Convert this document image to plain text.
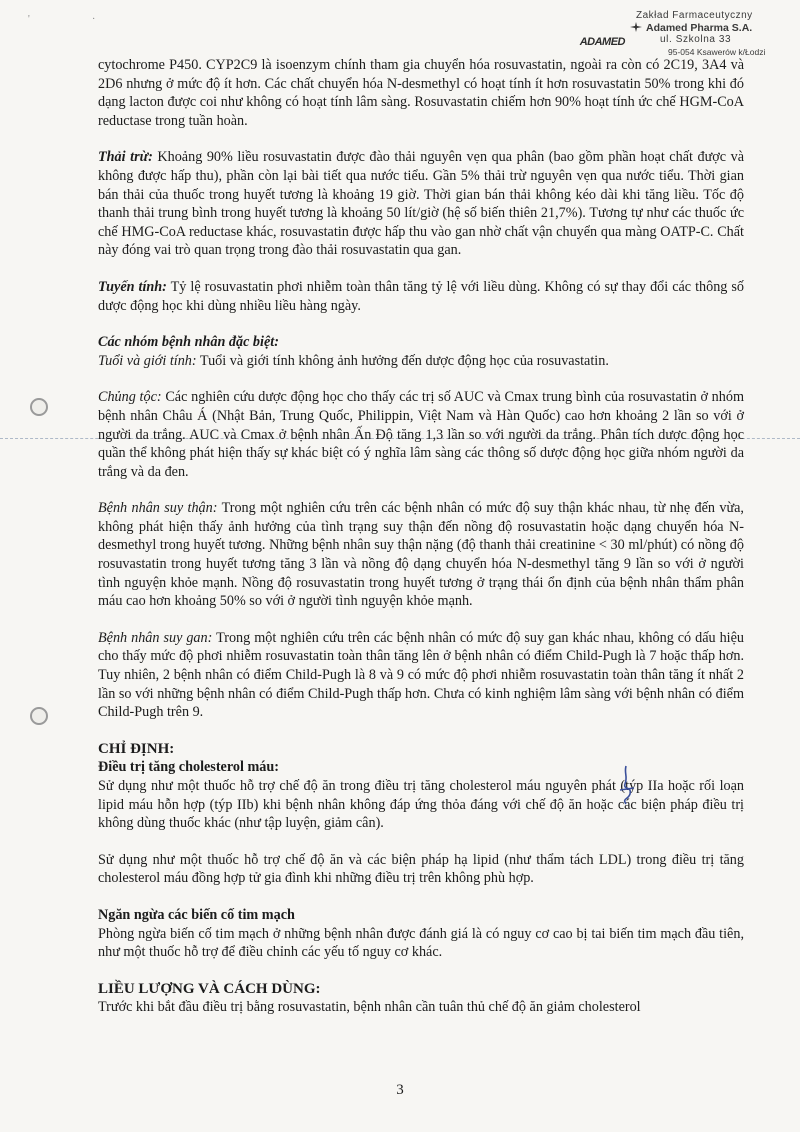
'	·	Zakład Farmaceutyczny
Adamed Pharma S.A.
ul. Szkolna 33
95-054 Ksawerów k/Łodzi
ADAMED

cytochrome P450. CYP2C9 là isoenzym chính tham gia chuyển hóa rosuvastatin, ngoài ra còn có 2C19, 3A4 và 2D6 nhưng ở mức độ ít hơn. Các chất chuyển hóa N-desmethyl có hoạt tính ít hơn rosuvastatin 50% trong khi đó dạng lacton được coi như không có hoạt tính lâm sàng. Rosuvastatin chiếm hơn 90% hoạt tính ức chế HGM-CoA reductase trong tuần hoàn.

Thải trừ: Khoảng 90% liều rosuvastatin được đào thải nguyên vẹn qua phân (bao gồm phần hoạt chất được và không được hấp thu), phần còn lại bài tiết qua nước tiểu. Gần 5% thải trừ nguyên vẹn qua nước tiểu. Thời gian bán thải của thuốc trong huyết tương là khoảng 19 giờ. Thời gian bán thải không kéo dài khi tăng liều. Tốc độ thanh thải trung bình trong huyết tương là khoảng 50 lít/giờ (hệ số biến thiên 21,7%). Tương tự như các thuốc ức chế HMG-CoA reductase khác, rosuvastatin được hấp thu vào gan nhờ chất vận chuyển qua màng OATP-C. Chất này đóng vai trò quan trọng trong đào thải rosuvastatin qua gan.

Tuyến tính: Tỷ lệ rosuvastatin phơi nhiễm toàn thân tăng tỷ lệ với liều dùng. Không có sự thay đổi các thông số dược động học khi dùng nhiều liều hàng ngày.

Các nhóm bệnh nhân đặc biệt:

Tuổi và giới tính: Tuổi và giới tính không ảnh hưởng đến dược động học của rosuvastatin.

Chủng tộc: Các nghiên cứu dược động học cho thấy các trị số AUC và Cmax trung bình của rosuvastatin ở nhóm bệnh nhân Châu Á (Nhật Bản, Trung Quốc, Philippin, Việt Nam và Hàn Quốc) cao hơn khoảng 2 lần so với ở người da trắng. AUC và Cmax ở bệnh nhân Ấn Độ tăng 1,3 lần so với người da trắng. Phân tích dược động học quần thể không phát hiện thấy sự khác biệt có ý nghĩa lâm sàng các thông số dược động học giữa nhóm người da trắng và da đen.

Bệnh nhân suy thận: Trong một nghiên cứu trên các bệnh nhân có mức độ suy thận khác nhau, từ nhẹ đến vừa, không phát hiện thấy ảnh hưởng của tình trạng suy thận đến nồng độ rosuvastatin hoặc dạng chuyển hóa N-desmethyl trong huyết tương. Những bệnh nhân suy thận nặng (độ thanh thải creatinine < 30 ml/phút) có nồng độ rosuvastatin trong huyết tương tăng 3 lần và nồng độ dạng chuyển hóa N-desmethyl tăng 9 lần so với ở người tình nguyện khỏe mạnh. Nồng độ rosuvastatin trong huyết tương ở trạng thái ổn định của bệnh nhân thẩm phân máu cao hơn khoảng 50% so với ở người tình nguyện khỏe mạnh.

Bệnh nhân suy gan: Trong một nghiên cứu trên các bệnh nhân có mức độ suy gan khác nhau, không có dấu hiệu cho thấy mức độ phơi nhiễm rosuvastatin toàn thân tăng lên ở bệnh nhân có điểm Child-Pugh là 7 hoặc thấp hơn. Tuy nhiên, 2 bệnh nhân có điểm Child-Pugh là 8 và 9 có mức độ phơi nhiễm rosuvastatin toàn thân tăng ít nhất 2 lần so với những bệnh nhân có điểm Child-Pugh thấp hơn. Chưa có kinh nghiệm lâm sàng với bệnh nhân có điểm Child-Pugh trên 9.

CHỈ ĐỊNH:

Điều trị tăng cholesterol máu:

Sử dụng như một thuốc hỗ trợ chế độ ăn trong điều trị tăng cholesterol máu nguyên phát (týp IIa hoặc rối loạn lipid máu hỗn hợp (týp IIb) khi bệnh nhân không đáp ứng thỏa đáng với chế độ ăn hoặc các biện pháp điều trị không dùng thuốc khác (như tập luyện, giảm cân).

Sử dụng như một thuốc hỗ trợ chế độ ăn và các biện pháp hạ lipid (như thẩm tách LDL) trong điều trị tăng cholesterol máu đồng hợp tử gia đình khi những điều trị trên không phù hợp.

Ngăn ngừa các biến cố tim mạch

Phòng ngừa biến cố tim mạch ở những bệnh nhân được đánh giá là có nguy cơ cao bị tai biến tim mạch đầu tiên, như một thuốc hỗ trợ để điều chỉnh các yếu tố nguy cơ khác.

LIỀU LƯỢNG VÀ CÁCH DÙNG:

Trước khi bắt đầu điều trị bằng rosuvastatin, bệnh nhân cần tuân thủ chế độ ăn giảm cholesterol

3
